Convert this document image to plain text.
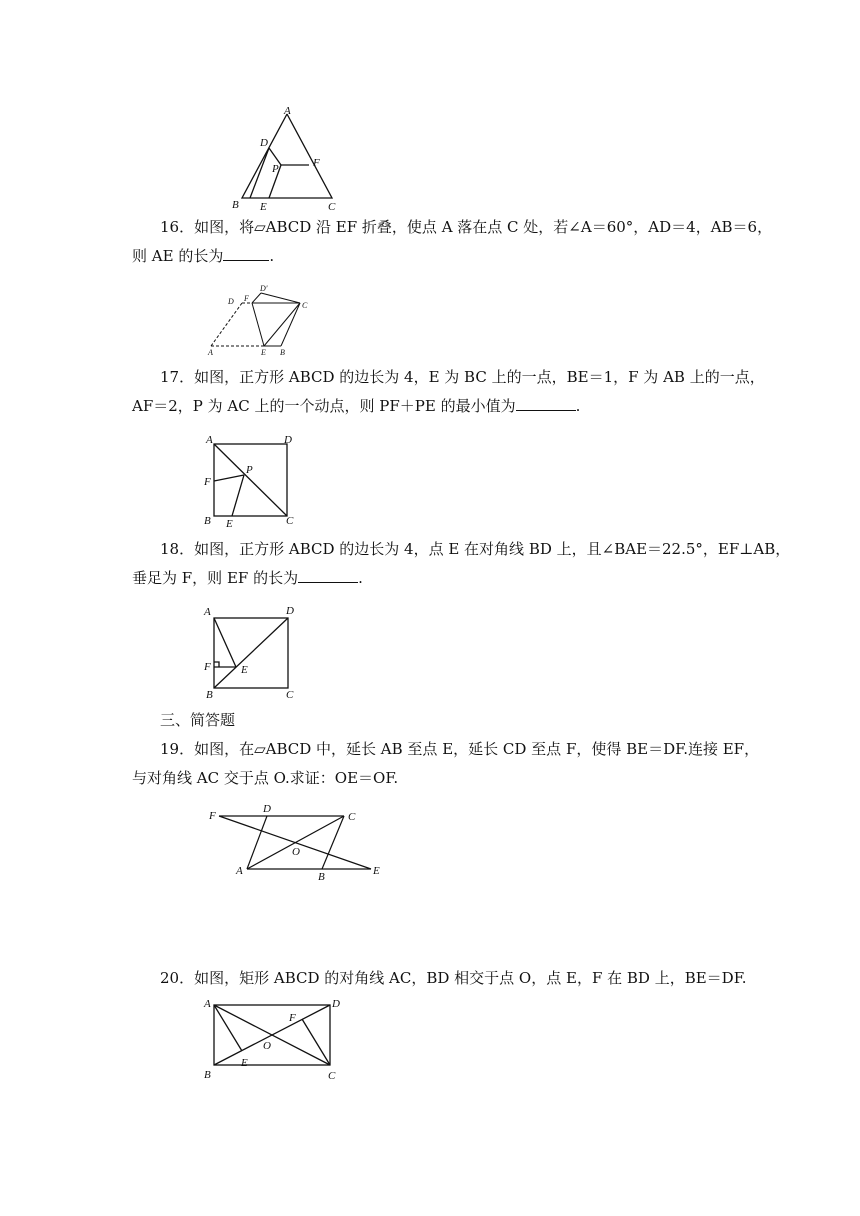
A
D
F
P
B E	C
16．如图，将▱ABCD 沿 EF 折叠，使点 A 落在点 C 处，若∠A＝60°，AD＝4，AB＝6，
则 AE 的长为	.
D F
D'
C
A	E B
17．如图，正方形 ABCD 的边长为 4，E 为 BC 上的一点，BE＝1，F 为 AB 上的一点，
AF＝2，P 为 AC 上的一个动点，则 PF＋PE 的最小值为	.
A	D
P
F
B E	C
18．如图，正方形 ABCD 的边长为 4，点 E 在对角线 BD 上，且∠BAE＝22.5°，EF⊥AB，
垂足为 F，则 EF 的长为	.
A	D
F	E
B	C
三、简答题
19．如图，在▱ABCD 中，延长 AB 至点 E，延长 CD 至点 F，使得 BE＝DF.连接 EF，
与对角线 AC 交于点 O.求证：OE＝OF.
F
D
C
O
A	B	E
20．如图，矩形 ABCD 的对角线 AC，BD 相交于点 O，点 E，F 在 BD 上，BE＝DF.
A	D
F
O
B
E
C
